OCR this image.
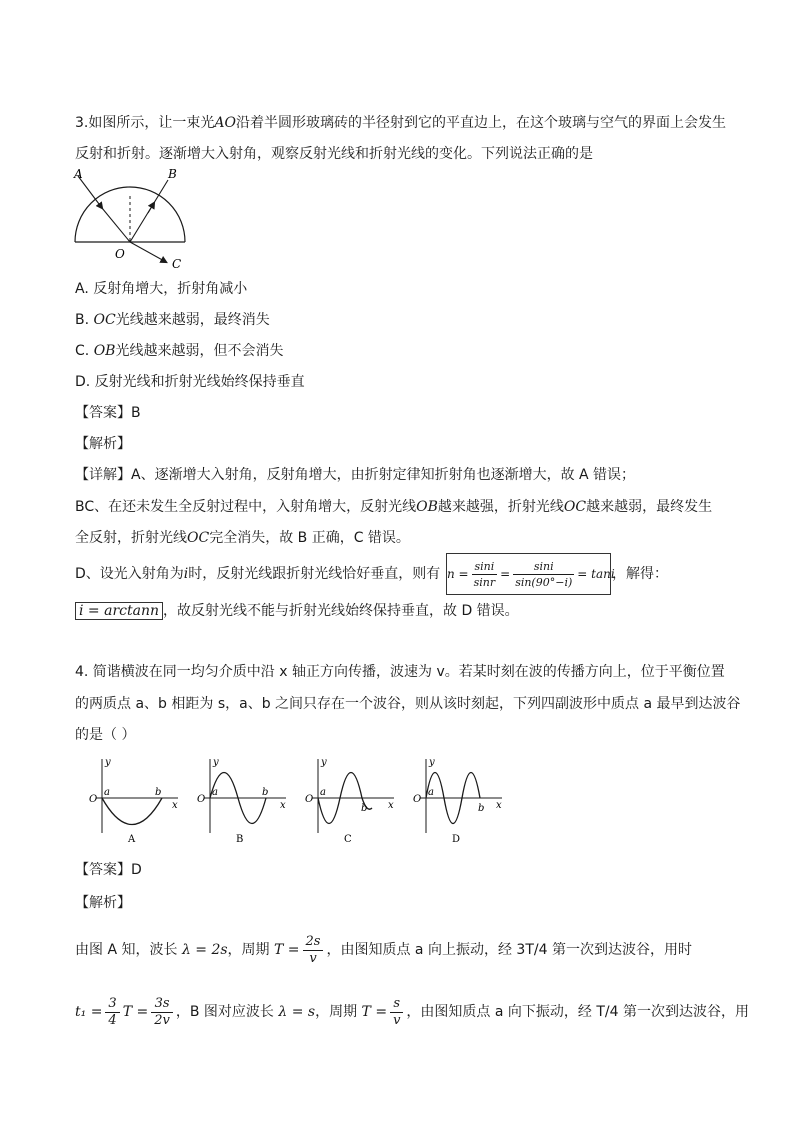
3.如图所示，让一束光AO沿着半圆形玻璃砖的半径射到它的平直边上，在这个玻璃与空气的界面上会发生
反射和折射。逐渐增大入射角，观察反射光线和折射光线的变化。下列说法正确的是
A	B
O
C
A. 反射角增大，折射角减小
B. OC光线越来越弱，最终消失
C. OB光线越来越弱，但不会消失
D. 反射光线和折射光线始终保持垂直
【答案】B
【解析】
【详解】A、逐渐增大入射角，反射角增大，由折射定律知折射角也逐渐增大，故 A 错误；
BC、在还未发生全反射过程中，入射角增大，反射光线OB越来越强，折射光线OC越来越弱，最终发生
全反射，折射光线OC完全消失，故 B 正确，C 错误。
D、设光入射角为i时，反射光线跟折射光线恰好垂直，则有 $n = \frac{\sin i}{\sin r} = \frac{\sin i}{\sin(90^\circ-i)} = \tan i$
，解得：
i = arctann ，故反射光线不能与折射光线始终保持垂直，故 D 错误。
4. 简谐横波在同一均匀介质中沿 x 轴正方向传播，波速为 v。若某时刻在波的传播方向上，位于平衡位置
的两质点 a、b 相距为 s，a、b 之间只存在一个波谷，则从该时刻起，下列四副波形中质点 a 最早到达波谷
的是（ ）
y
x
O
a	b
A
y
x
O
a	b
B
y
x
O
a
b
C
y
x
O
a
b
D
【答案】D
【解析】
由图 A 知，波长 λ = 2s，周期 $T = \frac{2s}{v}$ ，由图知质点 a 向上振动，经 3T/4 第一次到达波谷，用时
$t_1 = \frac{3}{4}$ $T = \frac{3s}{2v}$ ，B 图对应波长 λ = s，周期 $T = \frac{s}{v}$ ，由图知质点 a 向下振动，经 T/4 第一次到达波谷，用
